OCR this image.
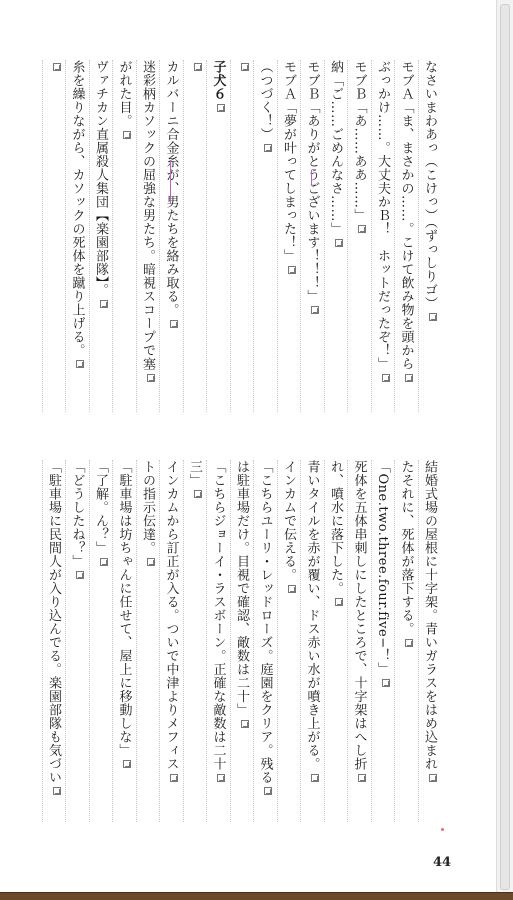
なさいまわあっ（こけっ）（ずっしりゴ）
モブＡ「ま、まさかの……。こけて飲み物を頭から
ぶっかけ……。大丈夫かＢ！　ホットだったぞ！」
モブＢ「あ……ああ……」
納「ご……ごめんなさ……」
モブＢ「ありがとうございます！！！」
モブＡ「夢が叶ってしまった！」
（つづく！）
子犬６
カルバーニ合金糸が、男たちを絡み取る。
迷彩柄カソックの屈強な男たち。暗視スコープで塞
がれた目。
ヴァチカン直属殺人集団【楽園部隊】。
糸を繰りながら、カソックの死体を蹴り上げる。
結婚式場の屋根に十字架。青いガラスをはめ込まれ
たそれに、死体が落下する。
「One.two.three.four.five−！」
死体を五体串刺しにしたところで、十字架はへし折
れ、噴水に落下した。
青いタイルを赤が覆い、ドス赤い水が噴き上がる。
インカムで伝える。
「こちらユーリ・レッドローズ。庭園をクリア。残る
は駐車場だけ。目視で確認、敵数は二十」
「こちらジョーイ・ラスボーン。正確な敵数は二十
三」
インカムから訂正が入る。ついで中津よりメフィス
トの指示伝達。
「駐車場は坊ちゃんに任せて、屋上に移動しな」
「了解。ん？」
「どうしたね？」
「駐車場に民間人が入り込んでる。楽園部隊も気づい
44
